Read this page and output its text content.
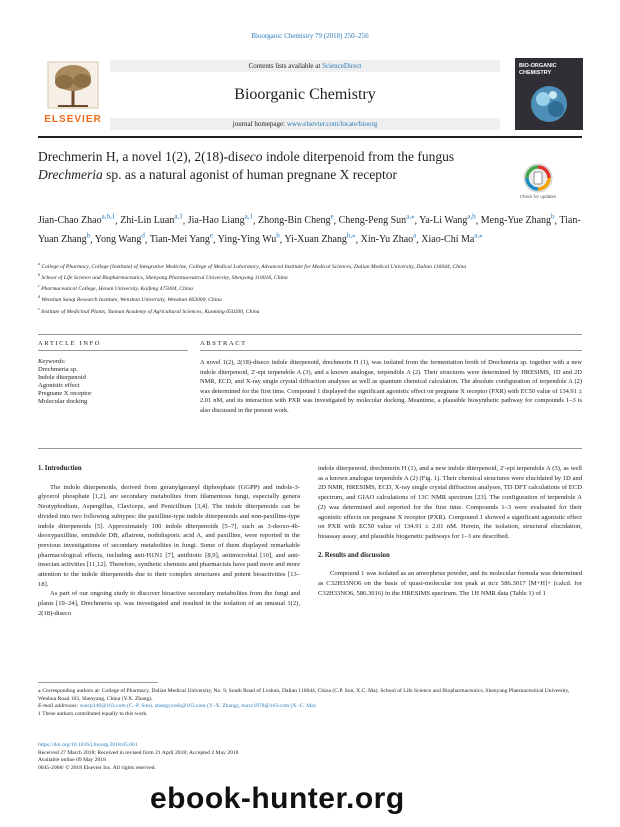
Bioorganic Chemistry 79 (2018) 250–256
ELSEVIER
Contents lists available at ScienceDirect
Bioorganic Chemistry
journal homepage: www.elsevier.com/locate/bioorg
BIO-ORGANIC CHEMISTRY
Drechmerin H, a novel 1(2), 2(18)-diseco indole diterpenoid from the fungus Drechmeria sp. as a natural agonist of human pregnane X receptor
Check for updates
Jian-Chao Zhao$^{a,b,1}$, Zhi-Lin Luan$^{a,1}$, Jia-Hao Liang$^{a,1}$, Zhong-Bin Cheng$^e$, Cheng-Peng Sun$^{a,⁎}$, Ya-Li Wang$^{a,b}$, Meng-Yue Zhang$^b$, Tian-Yuan Zhang$^b$, Yong Wang$^d$, Tian-Mei Yang$^e$, Ying-Ying Wu$^b$, Yi-Xuan Zhang$^{b,⁎}$, Xin-Yu Zhao$^a$, Xiao-Chi $Ma^{a,⁎}$
$^a$ College of Pharmacy, College (Institute) of Integrative Medicine, College of Medical Laboratory, Advanced Institute for Medical Sciences, Dalian Medical University, Dalian 116044, China
$^b$ School of Life Science and Biopharmaceutics, Shenyang Pharmaceutical University, Shenyang 110016, China
$^c$ Pharmaceutical College, Henan University, Kaifeng 475004, China
$^d$ Wenshan Sanqi Research Institute, Wenshan University, Wenshan 663000, China
$^e$ Institute of Medicinal Plants, Yunnan Academy of Agricultural Sciences, Kunming 650200, China
ARTICLE INFO	ABSTRACT
Keywords:
Drechmeria sp.
Indole diterpenoid
Agonistic effect
Pregnane X receptor
Molecular docking
A novel 1(2), 2(18)-diseco indole diterpenoid, drechmerin H (1), was isolated from the fermentation broth of Drechmeria sp. together with a new indole diterpenoid, 2′-epi terpendole A (3), and a known analogue, terpendole A (2). Their structures were determined by HRESIMS, 1D and 2D NMR, ECD, and X-ray single crystal diffraction analyses as well as quantum chemical calculation. The absolute configuration of terpendole A (2) was determined for the first time. Compound 1 displayed the significant agonistic effect on pregnane X receptor (PXR) with EC50 value of 134.91 ± 2.01 nM, and its interaction with PXR was investigated by molecular docking. Meantime, a plausible biosynthetic pathway for compounds 1–3 is also discussed in the present work.
1. Introduction

The indole diterpenoids, derived from geranylgeranyl diphosphate (GGPP) and indole-3-glycerol phosphate [1,2], are secondary metabolites from filamentous fungi, especially genera Neotyphodium, Aspergillus, Claviceps, and Penicillium [3,4]. The indole diterpenoids can be divided into two following subtypes: the paxilline-type indole diterpenoids and non-paxilline-type indole diterpenoids [5]. Approximately 100 indole diterpenoids [5–7], such as 3-deoxo-4b-deoxypaxilline, emindole DB, aflatrem, nodulisporic acid A, and paxilline, were reported in the previous investigations of secondary metabolites in fungi. Some of them displayed remarkable pharmacological effects, including anti-H1N1 [7], antibiotic [8,9], antimicrobial [10], and anti-insectan activities [11,12]. Therefore, synthetic chemists and pharmacists have paid more and more attention to the indole diterpenoids due to their complex structures and potent bioactivities [13–18].

As part of our ongoing study to discover bioactive secondary metabolites from the fungi and plants [19–24], Drechmeria sp. was investigated and resulted in the isolation of an unusual 1(2), 2(18)-diseco

indole diterpenoid, drechmerin H (1), and a new indole diterpenoid, 2′-epi terpendole A (3), as well as a known analogue terpendole A (2) (Fig. 1). Their chemical structures were elucidated by 1D and 2D NMR, HRESIMS, ECD, X-ray single crystal diffraction analyses, TD DFT calculations of ECD spectrum, and GIAO calculations of 13C NMR spectrum [23]. The configuration of terpendole A (2) was determined and reported for the first time. Compounds 1–3 were evaluated for their agonistic effects on pregnane X receptor (PXR). Compound 1 showed a significant agonistic effect on PXR with EC50 value of 134.91 ± 2.01 nM. Herein, the isolation, structural elucidation, bioassay assay, and plausible biogenetic pathways for 1–3 are described.

2. Results and discussion

Compound 1 was isolated as an amorphous powder, and its molecular formula was determined as C32H33NO6 on the basis of quasi-molecular ion peak at m/z 586.3017 [M+H]+ (calcd. for C32H33NO6, 586.3016) in the HRESIMS spectrum. The 1H NMR data (Table 1) of 1

⁎ Corresponding authors at: College of Pharmacy, Dalian Medical University, No. 9, South Road of Lvshun, Dalian 116044, China (C.P. Sun, X.C. Ma). School of Life Science and Biopharmaceutics, Shenyang Pharmaceutical University, Wenhua Road 103, Shenyang, China (Y.X. Zhang).
E-mail addresses: suncp146@163.com (C.-P. Sun), zhangyxzsh@163.com (Y.-X. Zhang), maxc1978@163.com (X.-C. Ma).
1 These authors contributed equally to this work.
https://doi.org/10.1016/j.bioorg.2018.05.001
Received 27 March 2018; Received in revised form 21 April 2018; Accepted 2 May 2018
Available online 09 May 2018
0045-2068/ © 2018 Elsevier Inc. All rights reserved.
ebook-hunter.org
